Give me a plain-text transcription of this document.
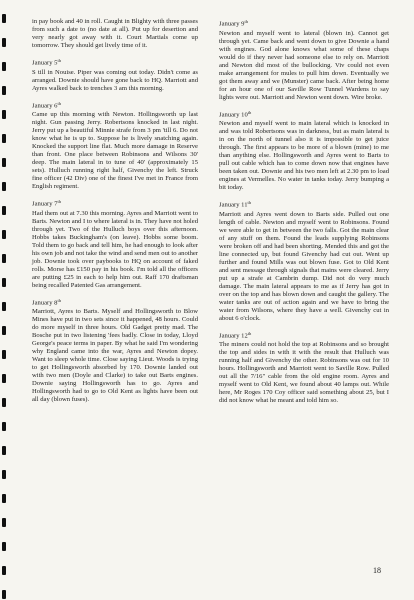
in pay book and 40 in roll. Caught in Blighty with three passes from such a date to (no date at all). Put up for desertion and very nearly got away with it. Court Martials come up tomorrow. They should get lively time of it.

January 5th

S till in Nouise. Piper was coming out today. Didn't come as arranged. Downie should have gone back to HQ. Marriott and Ayres walked back to trenches 3 am this morning.

January 6th

Came up this morning with Newton. Hollingsworth up last night. Gun passing Jerry. Robertsons knocked in last night. Jerry put up a beautiful Minnie strafe from 3 pm 'till 6. Do not know what he is up to. Suppose he is lively snatching again. Knocked the support line flat. Much more damage in Reserve than front. One place between Robinsons and Wilsons 30' deep. The main lateral in to tune of 40' (approximately 15 sets). Hulluch running right half, Givenchy the left. Struck fine officer (42 Div) one of the finest I've met in France from English regiment.

January 7th

Had them out at 7.30 this morning. Ayres and Marriott went to Barts. Newton and I to where lateral is in. They have not holed through yet. Two of the Hulluch boys over this afternoon. Hobbs takes Buckingham's (on leave). Hobbs some boom. Told them to go back and tell him, he had enough to look after his own job and not take the wind and send men out to another job. Downie took over paybooks to HQ on account of faked rolls. Morse has £150 pay in his book. I'm told all the officers are putting £25 in each to help him out. Raff 170 draftsman being recalled Patented Gas arrangement.

January 8th

Marriott, Ayres to Barts. Myself and Hollingsworth to Blow Mines have put in two sets since it happened, 48 hours. Could do more myself in three hours. Old Gadget pretty mad. The Bosche put in two listening 'fees badly. Close in today, Lloyd George's peace terms in paper. By what he said I'm wondering why England came into the war, Ayres and Newton dopey. Want to sleep whole time. Close saying Lieut. Woods is trying to get Hollingsworth absorbed by 170. Downie landed out with two men (Doyle and Clarke) to take out Barts engines. Downie saying Hollingsworth has to go. Ayres and Hollingsworth had to go to Old Kent as lights have been out all day (blown fuses).

January 9th

Newton and myself went to lateral (blown in). Cannot get through yet. Came back and went down to give Downie a hand with engines. God alone knows what some of these chaps would do if they never had someone else to rely on. Marriott and Newton did most of the bullocking. Viv could not even make arrangement for mules to pull him down. Eventually we got them away and we (Munster) came back. After being home for an hour one of our Saville Row Tunnel Wardens to say lights were out. Marriott and Newton went down. Wire broke.

January 10th

Newton and myself went to main lateral which is knocked in and was told Robertsons was in darkness, but as main lateral is in on the north of tunnel also it is impossible to get juice through. The first appears to be more of a blown (mine) to me than anything else. Hollingsworth and Ayres went to Barts to pull out cable which has to come down now that engines have been taken out. Downie and his two men left at 2.30 pm to load engines at Vermelles. No water in tanks today. Jerry bumping a bit today.

January 11th

Marriott and Ayres went down to Barts side. Pulled out one length of cable. Newton and myself went to Robinsons. Found we were able to get in between the two falls. Got the main clear of any stuff on them. Found the leads supplying Robinsons were broken off and had been shorting. Mended this and got the line connected up, but found Givenchy had cut out. Went up further and found Mills was out blown fuse. Got to Old Kent and sent message through signals that mains were cleared. Jerry put up a strafe at Cambrin dump. Did not do very much damage. The main lateral appears to me as if Jerry has got in over on the top and has blown down and caught the gallery. The water tanks are out of action again and we have to bring the water from Wilsons, where they have a well. Givenchy cut in about 6 o'clock.

January 12th

The miners could not hold the top at Robinsons and so brought the top and sides in with it with the result that Hulluch was running half and Givenchy the other. Robinsons was out for 10 hours. Hollingsworth and Marriott went to Saville Row. Pulled out all the 7/16" cable from the old engine room. Ayres and myself went to Old Kent, we found about 40 lamps out. While here, Mr Roges 170 Coy officer said something about 25, but I did not know what he meant and told him so.

18
